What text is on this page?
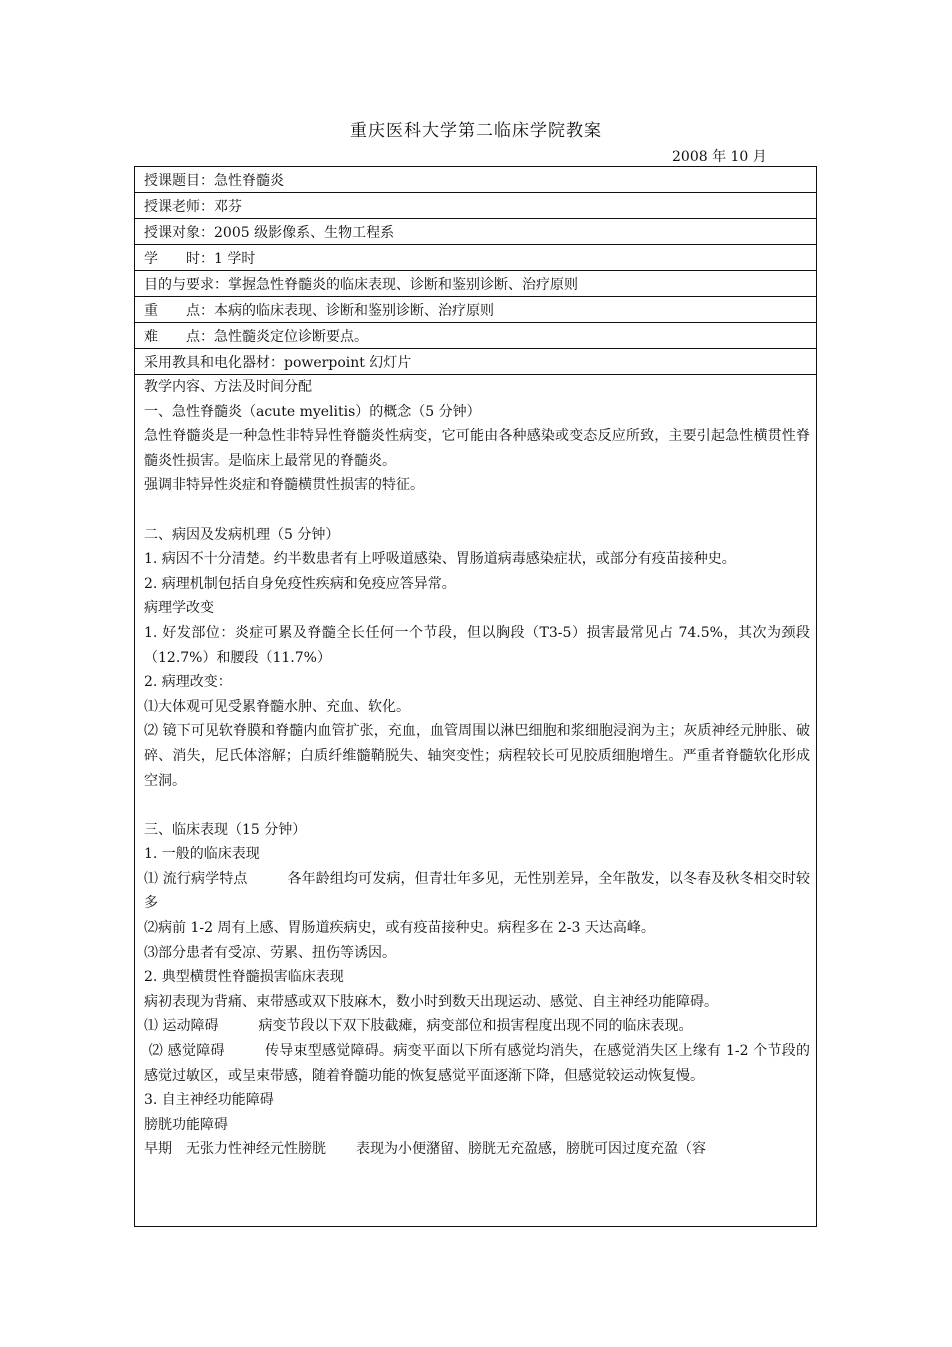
重庆医科大学第二临床学院教案
2008 年 10 月
授课题目：急性脊髓炎
授课老师：邓芬
授课对象：2005 级影像系、生物工程系
学　　时：1 学时
目的与要求：掌握急性脊髓炎的临床表现、诊断和鉴别诊断、治疗原则
重　　点：本病的临床表现、诊断和鉴别诊断、治疗原则
难　　点：急性髓炎定位诊断要点。
采用教具和电化器材：powerpoint 幻灯片

教学内容、方法及时间分配

一、急性脊髓炎（acute myelitis）的概念（5 分钟）

急性脊髓炎是一种急性非特异性脊髓炎性病变，它可能由各种感染或变态反应所致，主要引起急性横贯性脊髓炎性损害。是临床上最常见的脊髓炎。

强调非特异性炎症和脊髓横贯性损害的特征。

二、病因及发病机理（5 分钟）

1. 病因不十分清楚。约半数患者有上呼吸道感染、胃肠道病毒感染症状，或部分有疫苗接种史。

2. 病理机制包括自身免疫性疾病和免疫应答异常。

病理学改变

1. 好发部位：炎症可累及脊髓全长任何一个节段，但以胸段（T3-5）损害最常见占 74.5%，其次为颈段（12.7%）和腰段（11.7%）

2. 病理改变：

⑴大体观可见受累脊髓水肿、充血、软化。

⑵ 镜下可见软脊膜和脊髓内血管扩张，充血，血管周围以淋巴细胞和浆细胞浸润为主；灰质神经元肿胀、破碎、消失，尼氏体溶解；白质纤维髓鞘脱失、轴突变性；病程较长可见胶质细胞增生。严重者脊髓软化形成空洞。

三、临床表现（15 分钟）

1. 一般的临床表现

⑴ 流行病学特点	各年龄组均可发病，但青壮年多见，无性别差异，全年散发，以冬春及秋冬相交时较多

⑵病前 1-2 周有上感、胃肠道疾病史，或有疫苗接种史。病程多在 2-3 天达高峰。

⑶部分患者有受凉、劳累、扭伤等诱因。

2. 典型横贯性脊髓损害临床表现

病初表现为背痛、束带感或双下肢麻木，数小时到数天出现运动、感觉、自主神经功能障碍。

⑴ 运动障碍	病变节段以下双下肢截瘫，病变部位和损害程度出现不同的临床表现。

⑵ 感觉障碍	传导束型感觉障碍。病变平面以下所有感觉均消失，在感觉消失区上缘有 1-2 个节段的感觉过敏区，或呈束带感，随着脊髓功能的恢复感觉平面逐渐下降，但感觉较运动恢复慢。

3. 自主神经功能障碍

膀胱功能障碍

早期 无张力性神经元性膀胱 表现为小便潴留、膀胱无充盈感，膀胱可因过度充盈（容
